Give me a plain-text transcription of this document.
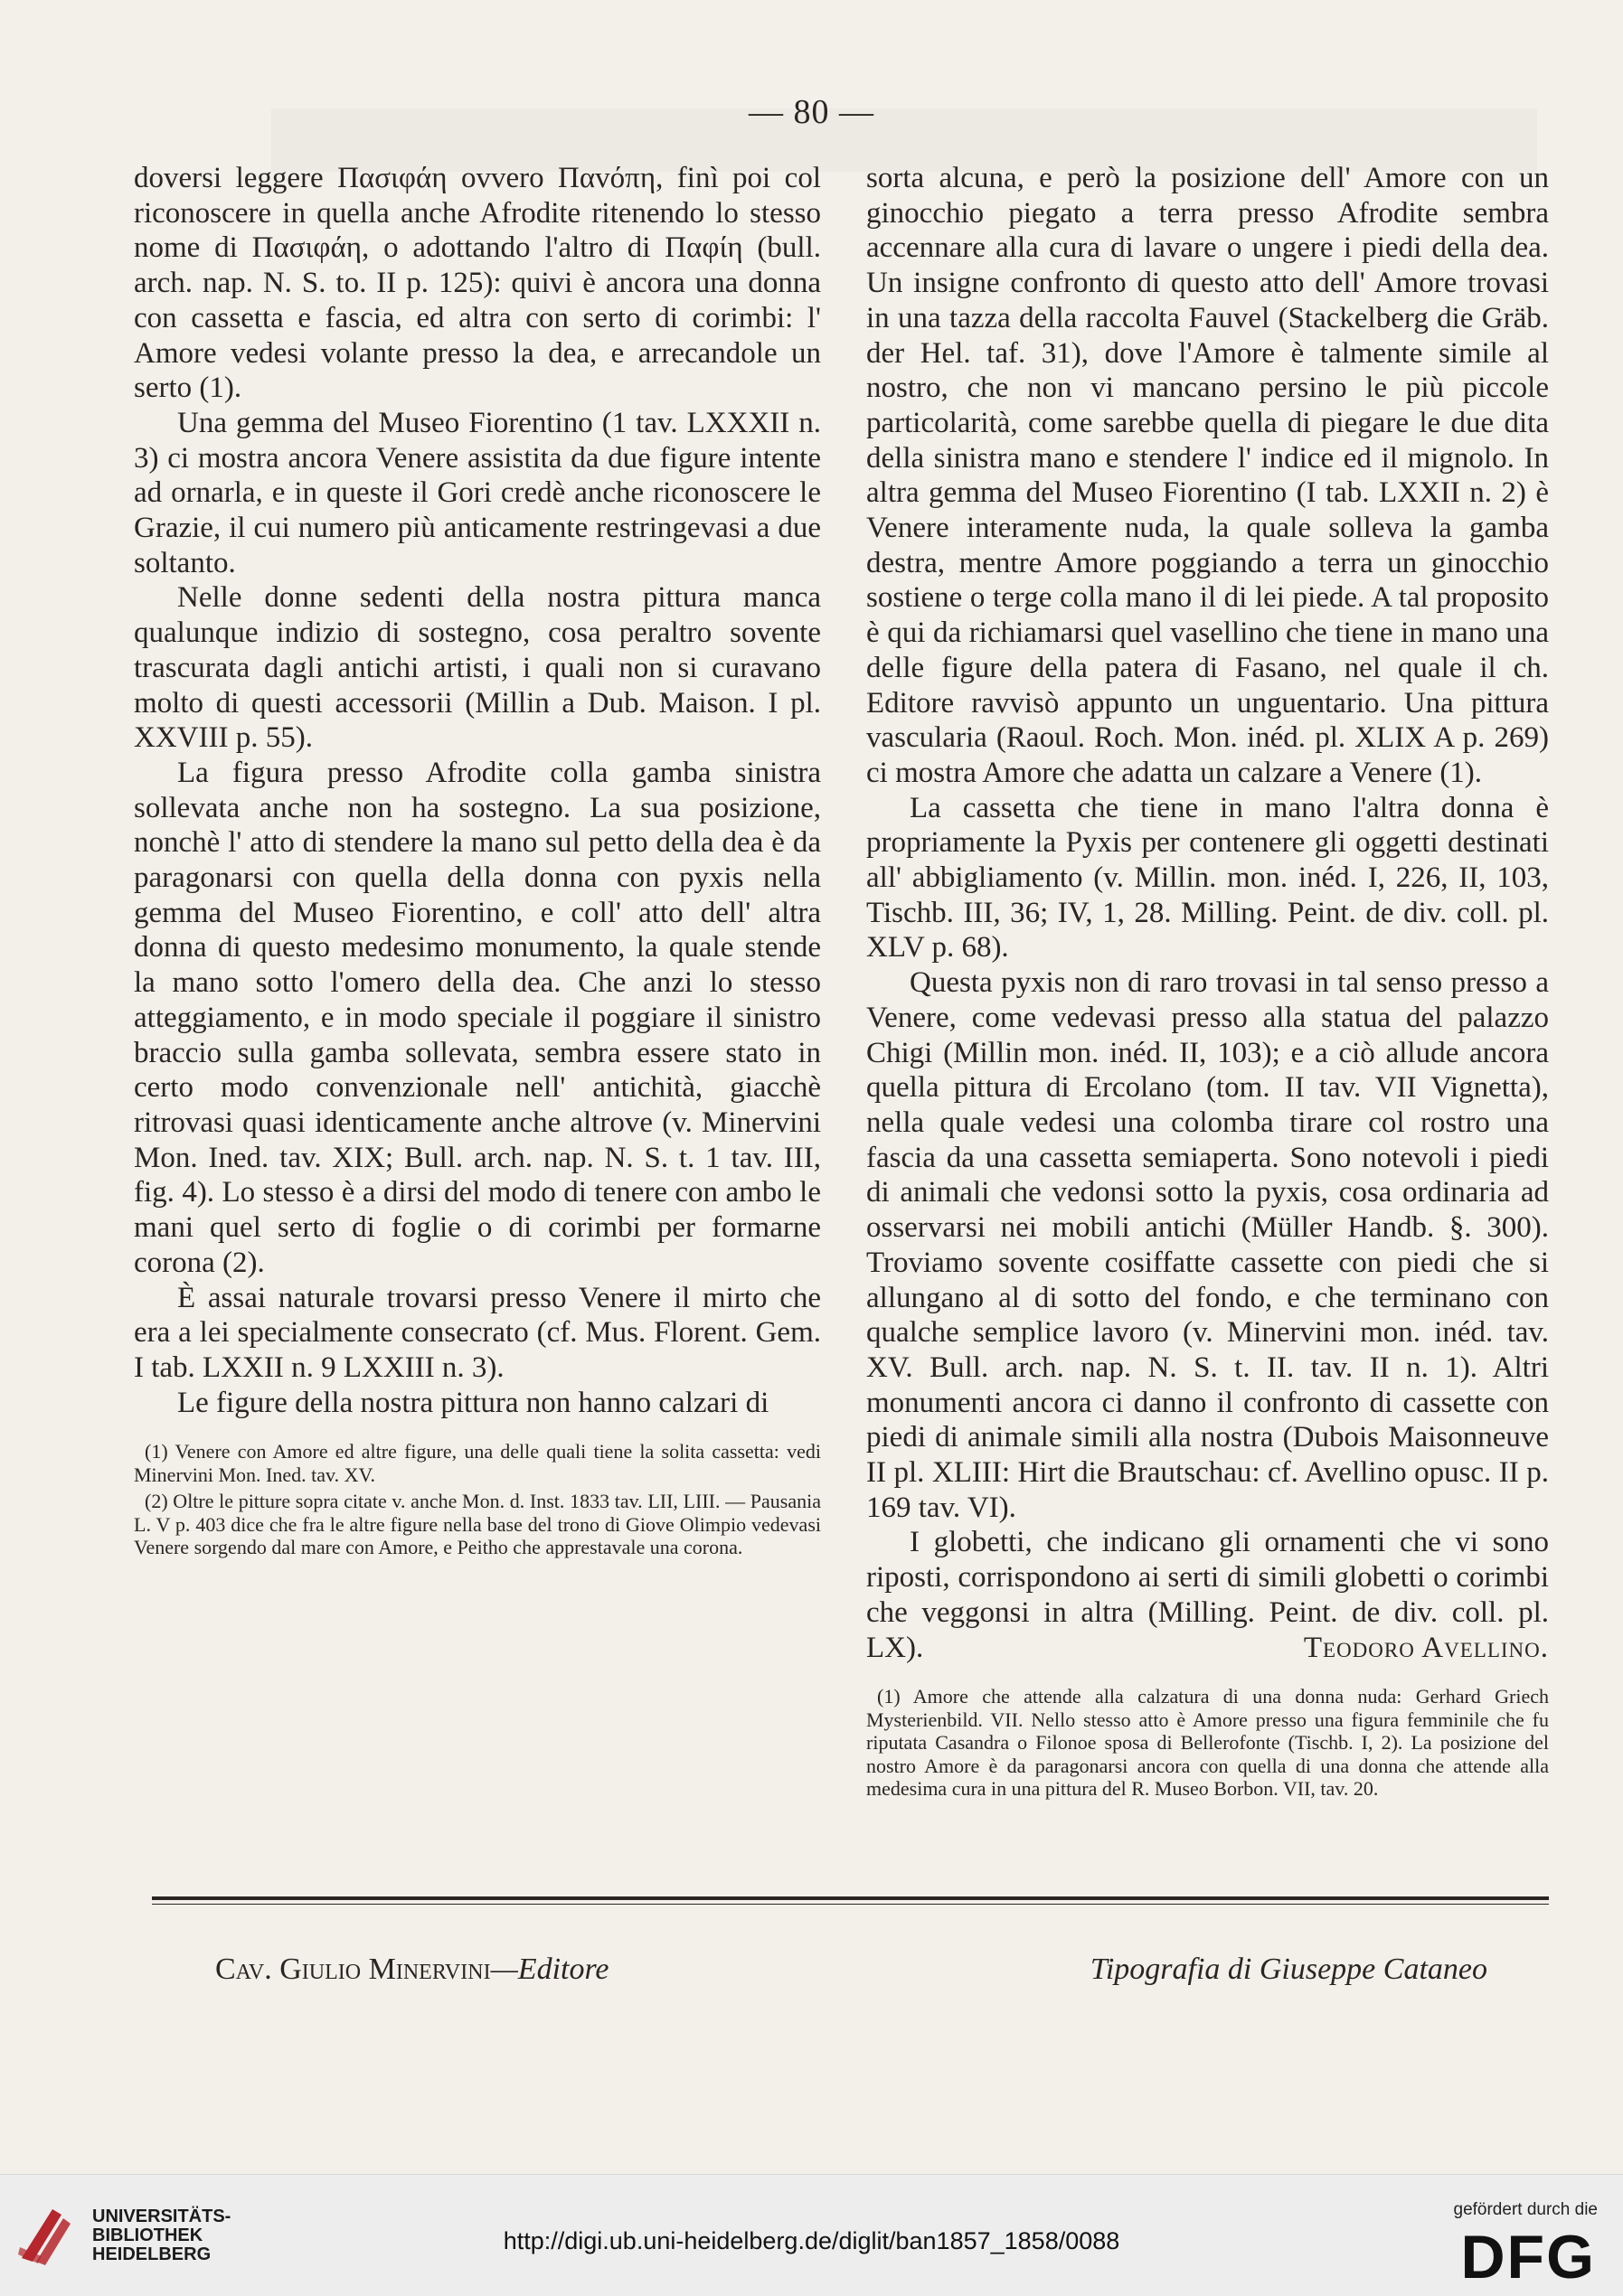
— 80 —

doversi leggere Πασιφάη ovvero Παvόπη, finì poi col riconoscere in quella anche Afrodite ritenendo lo stesso nome di Πασιφάη, o adottando l'altro di Παφίη (bull. arch. nap. N. S. to. II p. 125): quivi è ancora una donna con cassetta e fascia, ed altra con serto di corimbi: l' Amore vedesi volante presso la dea, e arrecandole un serto (1).

Una gemma del Museo Fiorentino (1 tav. LXXXII n. 3) ci mostra ancora Venere assistita da due figure intente ad ornarla, e in queste il Gori credè anche riconoscere le Grazie, il cui numero più anticamente restringevasi a due soltanto.

Nelle donne sedenti della nostra pittura manca qualunque indizio di sostegno, cosa peraltro sovente trascurata dagli antichi artisti, i quali non si curavano molto di questi accessorii (Millin a Dub. Maison. I pl. XXVIII p. 55).

La figura presso Afrodite colla gamba sinistra sollevata anche non ha sostegno. La sua posizione, nonchè l' atto di stendere la mano sul petto della dea è da paragonarsi con quella della donna con pyxis nella gemma del Museo Fiorentino, e coll' atto dell' altra donna di questo medesimo monumento, la quale stende la mano sotto l'omero della dea. Che anzi lo stesso atteggiamento, e in modo speciale il poggiare il sinistro braccio sulla gamba sollevata, sembra essere stato in certo modo convenzionale nell' antichità, giacchè ritrovasi quasi identicamente anche altrove (v. Minervini Mon. Ined. tav. XIX; Bull. arch. nap. N. S. t. 1 tav. III, fig. 4). Lo stesso è a dirsi del modo di tenere con ambo le mani quel serto di foglie o di corimbi per formarne corona (2).

È assai naturale trovarsi presso Venere il mirto che era a lei specialmente consecrato (cf. Mus. Florent. Gem. I tab. LXXII n. 9 LXXIII n. 3).

Le figure della nostra pittura non hanno calzari di

(1) Venere con Amore ed altre figure, una delle quali tiene la solita cassetta: vedi Minervini Mon. Ined. tav. XV.

(2) Oltre le pitture sopra citate v. anche Mon. d. Inst. 1833 tav. LII, LIII. — Pausania L. V p. 403 dice che fra le altre figure nella base del trono di Giove Olimpio vedevasi Venere sorgendo dal mare con Amore, e Peitho che apprestavale una corona.

sorta alcuna, e però la posizione dell' Amore con un ginocchio piegato a terra presso Afrodite sembra accennare alla cura di lavare o ungere i piedi della dea. Un insigne confronto di questo atto dell' Amore trovasi in una tazza della raccolta Fauvel (Stackelberg die Gräb. der Hel. taf. 31), dove l'Amore è talmente simile al nostro, che non vi mancano persino le più piccole particolarità, come sarebbe quella di piegare le due dita della sinistra mano e stendere l' indice ed il mignolo. In altra gemma del Museo Fiorentino (I tab. LXXII n. 2) è Venere interamente nuda, la quale solleva la gamba destra, mentre Amore poggiando a terra un ginocchio sostiene o terge colla mano il di lei piede. A tal proposito è qui da richiamarsi quel vasellino che tiene in mano una delle figure della patera di Fasano, nel quale il ch. Editore ravvisò appunto un unguentario. Una pittura vascularia (Raoul. Roch. Mon. inéd. pl. XLIX A p. 269) ci mostra Amore che adatta un calzare a Venere (1).

La cassetta che tiene in mano l'altra donna è propriamente la Pyxis per contenere gli oggetti destinati all' abbigliamento (v. Millin. mon. inéd. I, 226, II, 103, Tischb. III, 36; IV, 1, 28. Milling. Peint. de div. coll. pl. XLV p. 68).

Questa pyxis non di raro trovasi in tal senso presso a Venere, come vedevasi presso alla statua del palazzo Chigi (Millin mon. inéd. II, 103); e a ciò allude ancora quella pittura di Ercolano (tom. II tav. VII Vignetta), nella quale vedesi una colomba tirare col rostro una fascia da una cassetta semiaperta. Sono notevoli i piedi di animali che vedonsi sotto la pyxis, cosa ordinaria ad osservarsi nei mobili antichi (Müller Handb. §. 300). Troviamo sovente cosiffatte cassette con piedi che si allungano al di sotto del fondo, e che terminano con qualche semplice lavoro (v. Minervini mon. inéd. tav. XV. Bull. arch. nap. N. S. t. II. tav. II n. 1). Altri monumenti ancora ci danno il confronto di cassette con piedi di animale simili alla nostra (Dubois Maisonneuve II pl. XLIII: Hirt die Brautschau: cf. Avellino opusc. II p. 169 tav. VI).

I globetti, che indicano gli ornamenti che vi sono riposti, corrispondono ai serti di simili globetti o corimbi che veggonsi in altra (Milling. Peint. de div. coll. pl. LX).	Teodoro Avellino.

(1) Amore che attende alla calzatura di una donna nuda: Gerhard Griech Mysterienbild. VII. Nello stesso atto è Amore presso una figura femminile che fu riputata Casandra o Filonoe sposa di Bellerofonte (Tischb. I, 2). La posizione del nostro Amore è da paragonarsi ancora con quella di una donna che attende alla medesima cura in una pittura del R. Museo Borbon. VII, tav. 20.

Cav. Giulio Minervini—Editore	Tipografia di Giuseppe Cataneo
UNIVERSITÄTS-
BIBLIOTHEK
HEIDELBERG	http://digi.ub.uni-heidelberg.de/diglit/ban1857_1858/0088
gefördert durch die
DFG
